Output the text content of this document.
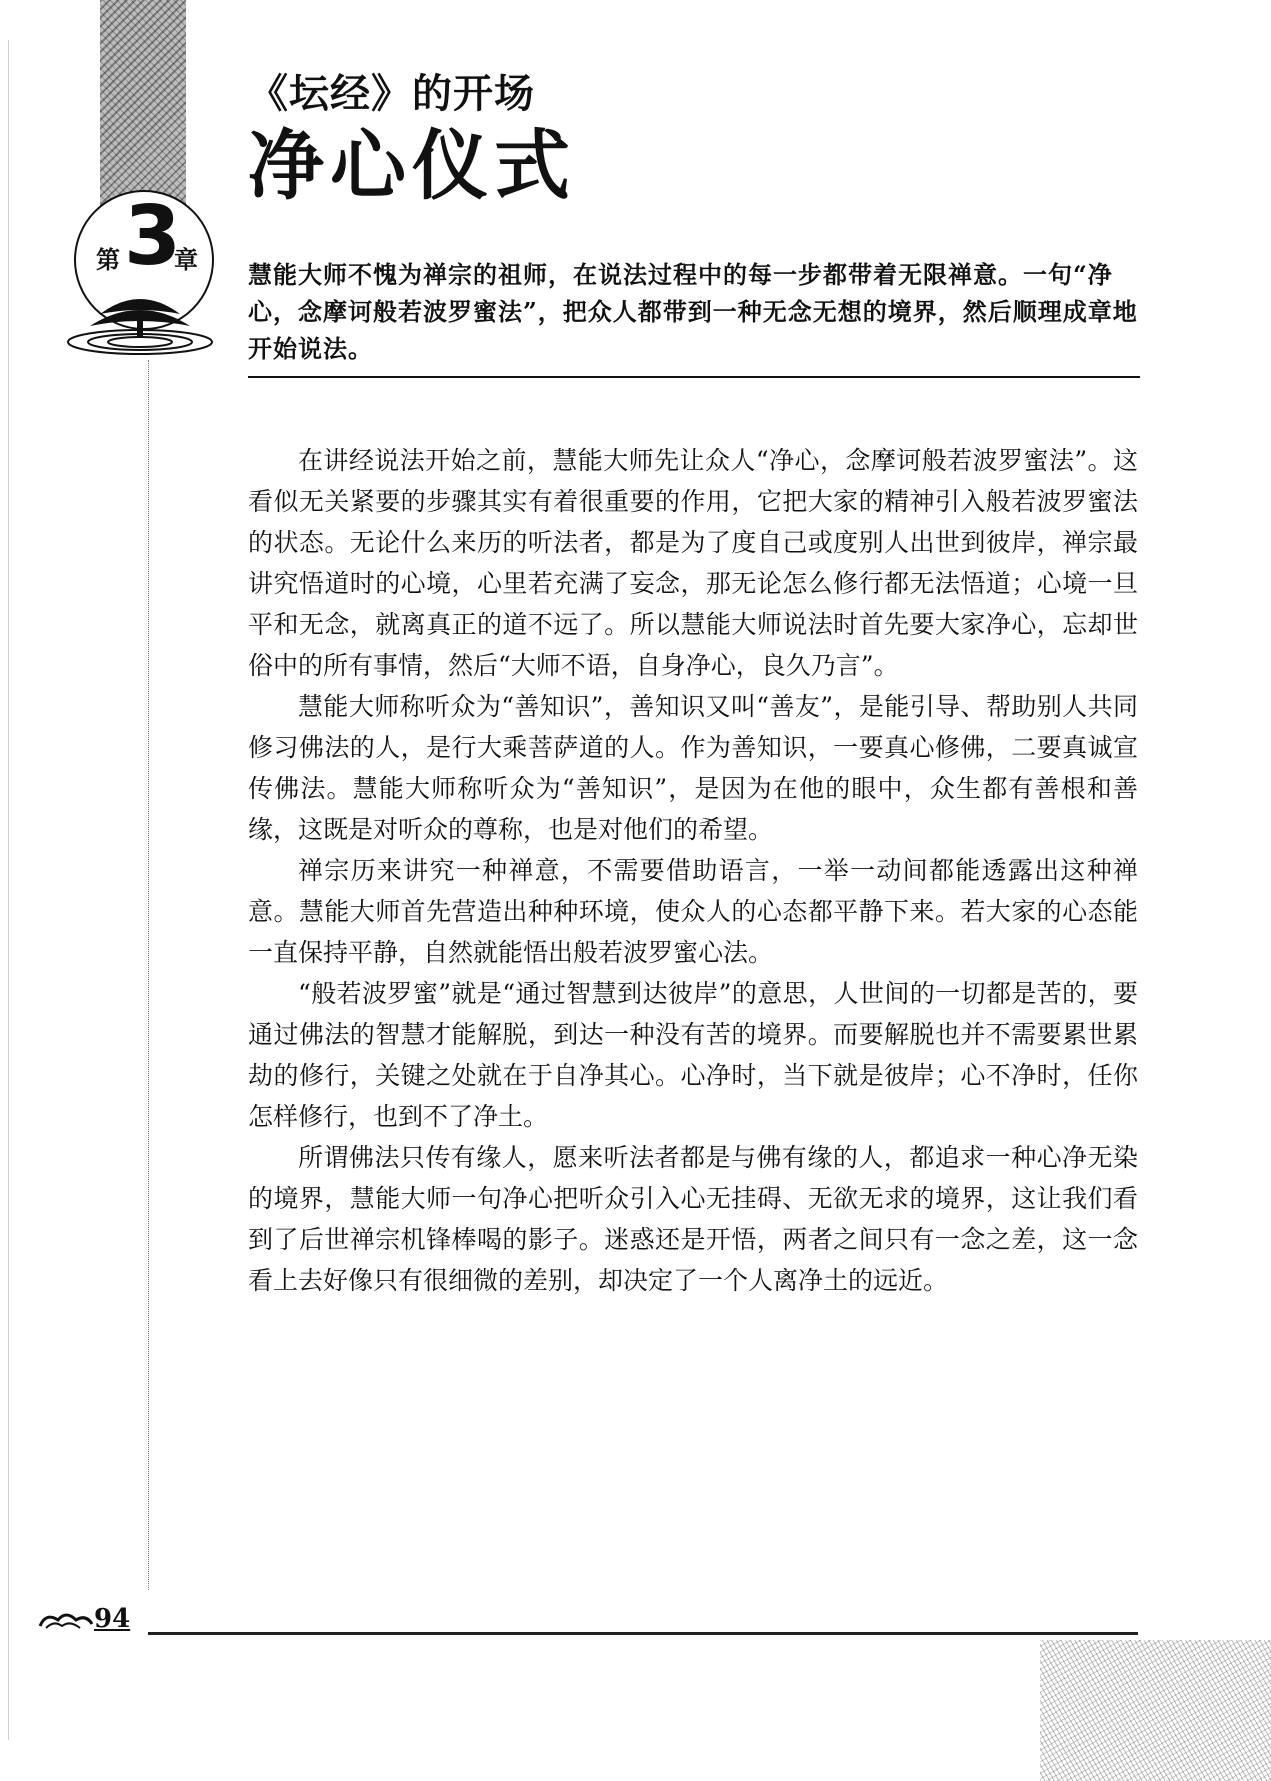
第 3
章
《坛经》的开场
净心仪式
慧能大师不愧为禅宗的祖师，在说法过程中的每一步都带着无限禅意。一句“净心，念摩诃般若波罗蜜法”，把众人都带到一种无念无想的境界，然后顺理成章地开始说法。

在讲经说法开始之前，慧能大师先让众人“净心，念摩诃般若波罗蜜法”。这看似无关紧要的步骤其实有着很重要的作用，它把大家的精神引入般若波罗蜜法的状态。无论什么来历的听法者，都是为了度自己或度别人出世到彼岸，禅宗最讲究悟道时的心境，心里若充满了妄念，那无论怎么修行都无法悟道；心境一旦平和无念，就离真正的道不远了。所以慧能大师说法时首先要大家净心，忘却世俗中的所有事情，然后“大师不语，自身净心，良久乃言”。

慧能大师称听众为“善知识”，善知识又叫“善友”，是能引导、帮助别人共同修习佛法的人，是行大乘菩萨道的人。作为善知识，一要真心修佛，二要真诚宣传佛法。慧能大师称听众为“善知识”，是因为在他的眼中，众生都有善根和善缘，这既是对听众的尊称，也是对他们的希望。

禅宗历来讲究一种禅意，不需要借助语言，一举一动间都能透露出这种禅意。慧能大师首先营造出种种环境，使众人的心态都平静下来。若大家的心态能一直保持平静，自然就能悟出般若波罗蜜心法。

“般若波罗蜜”就是“通过智慧到达彼岸”的意思，人世间的一切都是苦的，要通过佛法的智慧才能解脱，到达一种没有苦的境界。而要解脱也并不需要累世累劫的修行，关键之处就在于自净其心。心净时，当下就是彼岸；心不净时，任你怎样修行，也到不了净土。

所谓佛法只传有缘人，愿来听法者都是与佛有缘的人，都追求一种心净无染的境界，慧能大师一句净心把听众引入心无挂碍、无欲无求的境界，这让我们看到了后世禅宗机锋棒喝的影子。迷惑还是开悟，两者之间只有一念之差，这一念看上去好像只有很细微的差别，却决定了一个人离净土的远近。

94
